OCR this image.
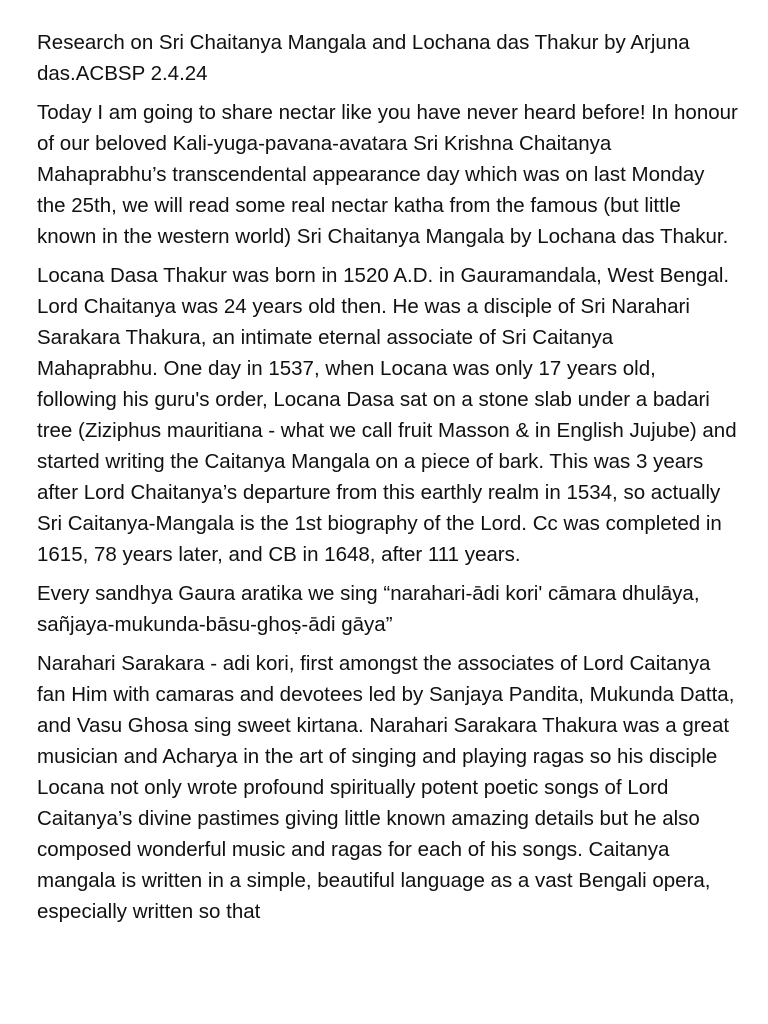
Research on Sri Chaitanya Mangala and Lochana das Thakur by Arjuna das.ACBSP 2.4.24

Today I am going to share nectar like you have never heard before! In honour of our beloved Kali-yuga-pavana-avatara Sri Krishna Chaitanya Mahaprabhu’s transcendental appearance day which was on last Monday the 25th, we will read some real nectar katha from the famous (but little known in the western world) Sri Chaitanya Mangala by Lochana das Thakur.

Locana Dasa Thakur was born in 1520 A.D. in Gauramandala, West Bengal. Lord Chaitanya was 24 years old then. He was a disciple of Sri Narahari Sarakara Thakura, an intimate eternal associate of Sri Caitanya Mahaprabhu. One day in 1537, when Locana was only 17 years old, following his guru's order, Locana Dasa sat on a stone slab under a badari tree (Ziziphus mauritiana - what we call fruit Masson & in English Jujube) and started writing the Caitanya Mangala on a piece of bark. This was 3 years after Lord Chaitanya’s departure from this earthly realm in 1534, so actually Sri Caitanya-Mangala is the 1st biography of the Lord. Cc was completed in 1615, 78 years later, and CB in 1648, after 111 years.

Every sandhya Gaura aratika we sing “narahari-ādi kori' cāmara dhulāya, sañjaya-mukunda-bāsu-ghoṣ-ādi gāya”

Narahari Sarakara - adi kori, first amongst the associates of Lord Caitanya fan Him with camaras and devotees led by Sanjaya Pandita, Mukunda Datta, and Vasu Ghosa sing sweet kirtana. Narahari Sarakara Thakura was a great musician and Acharya in the art of singing and playing ragas so his disciple Locana not only wrote profound spiritually potent poetic songs of Lord Caitanya’s divine pastimes giving little known amazing details but he also composed wonderful music and ragas for each of his songs. Caitanya mangala is written in a simple, beautiful language as a vast Bengali opera, especially written so that
